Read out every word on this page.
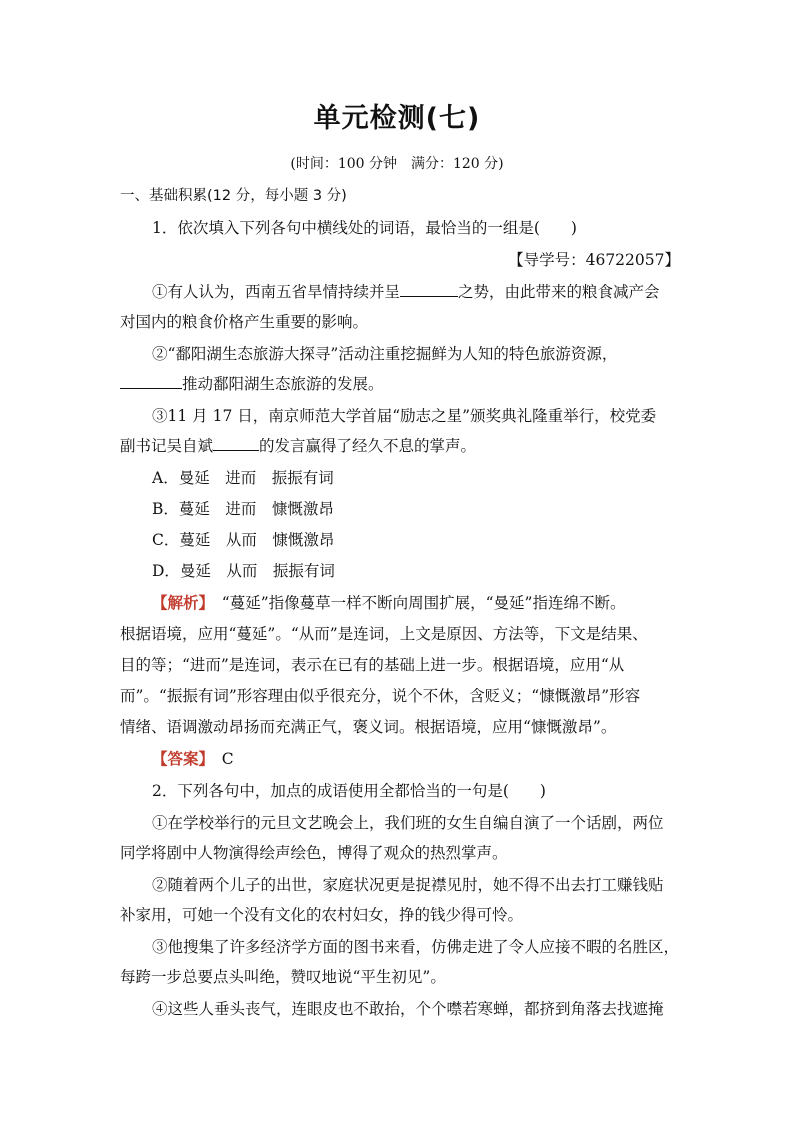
单元检测(七)
(时间：100 分钟　满分：120 分)
一、基础积累(12 分，每小题 3 分)
1．依次填入下列各句中横线处的词语，最恰当的一组是(　　)
【导学号：46722057】
①有人认为，西南五省旱情持续并呈	之势，由此带来的粮食减产会
对国内的粮食价格产生重要的影响。
②“鄱阳湖生态旅游大探寻”活动注重挖掘鲜为人知的特色旅游资源，
推动鄱阳湖生态旅游的发展。
③11 月 17 日，南京师范大学首届“励志之星”颁奖典礼隆重举行，校党委
副书记吴自斌	的发言赢得了经久不息的掌声。
A．曼延　进而　振振有词
B．蔓延　进而　慷慨激昂
C．蔓延　从而　慷慨激昂
D．曼延　从而　振振有词
【解析】　 “蔓延”指像蔓草一样不断向周围扩展，“曼延”指连绵不断。
根据语境，应用“蔓延”。“从而”是连词，上文是原因、方法等，下文是结果、
目的等；“进而”是连词，表示在已有的基础上进一步。根据语境，应用“从
而”。“振振有词”形容理由似乎很充分，说个不休，含贬义；“慷慨激昂”形容
情绪、语调激动昂扬而充满正气，褒义词。根据语境，应用“慷慨激昂”。
【答案】　 C
2．下列各句中，加点的成语使用全都恰当的一句是(　　)
①在学校举行的元旦文艺晚会上，我们班的女生自编自演了一个话剧，两位
同学将剧中人物演得绘声绘色，博得了观众的热烈掌声。
②随着两个儿子的出世，家庭状况更是捉襟见肘，她不得不出去打工赚钱贴
补家用，可她一个没有文化的农村妇女，挣的钱少得可怜。
③他搜集了许多经济学方面的图书来看，仿佛走进了令人应接不暇的名胜区，
每跨一步总要点头叫绝，赞叹地说“平生初见”。
④这些人垂头丧气，连眼皮也不敢抬，个个噤若寒蝉，都挤到角落去找遮掩
